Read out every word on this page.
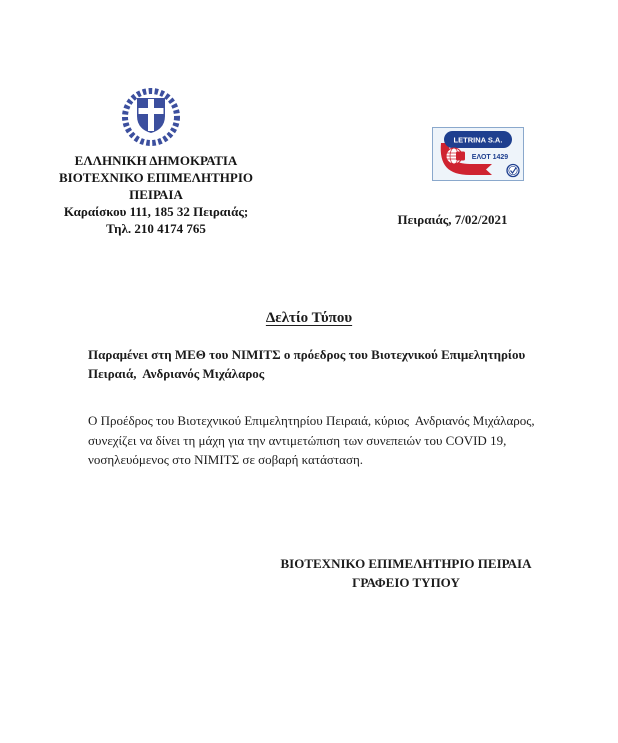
ΕΛΛΗΝΙΚΗ ΔΗΜΟΚΡΑΤΙΑ
ΒΙΟΤΕΧΝΙΚΟ ΕΠΙΜΕΛΗΤΗΡΙΟ
ΠΕΙΡΑΙΑ
Καραίσκου 111, 185 32 Πειραιάς;
Τηλ. 210 4174 765
LETRINA S.A.
ΕΛΟΤ 1429
Πειραιάς, 7/02/2021
Δελτίο Τύπου
Παραμένει στη ΜΕΘ του ΝΙΜΙΤΣ ο πρόεδρος του Βιοτεχνικού Επιμελητηρίου Πειραιά,  Ανδριανός Μιχάλαρος
Ο Προέδρος του Βιοτεχνικού Επιμελητηρίου Πειραιά, κύριος  Ανδριανός Μιχάλαρος, συνεχίζει να δίνει τη μάχη για την αντιμετώπιση των συνεπειών του COVID 19, νοσηλευόμενος στο ΝΙΜΙΤΣ σε σοβαρή κατάσταση.
ΒΙΟΤΕΧΝΙΚΟ ΕΠΙΜΕΛΗΤΗΡΙΟ ΠΕΙΡΑΙΑ
ΓΡΑΦΕΙΟ ΤΥΠΟΥ
